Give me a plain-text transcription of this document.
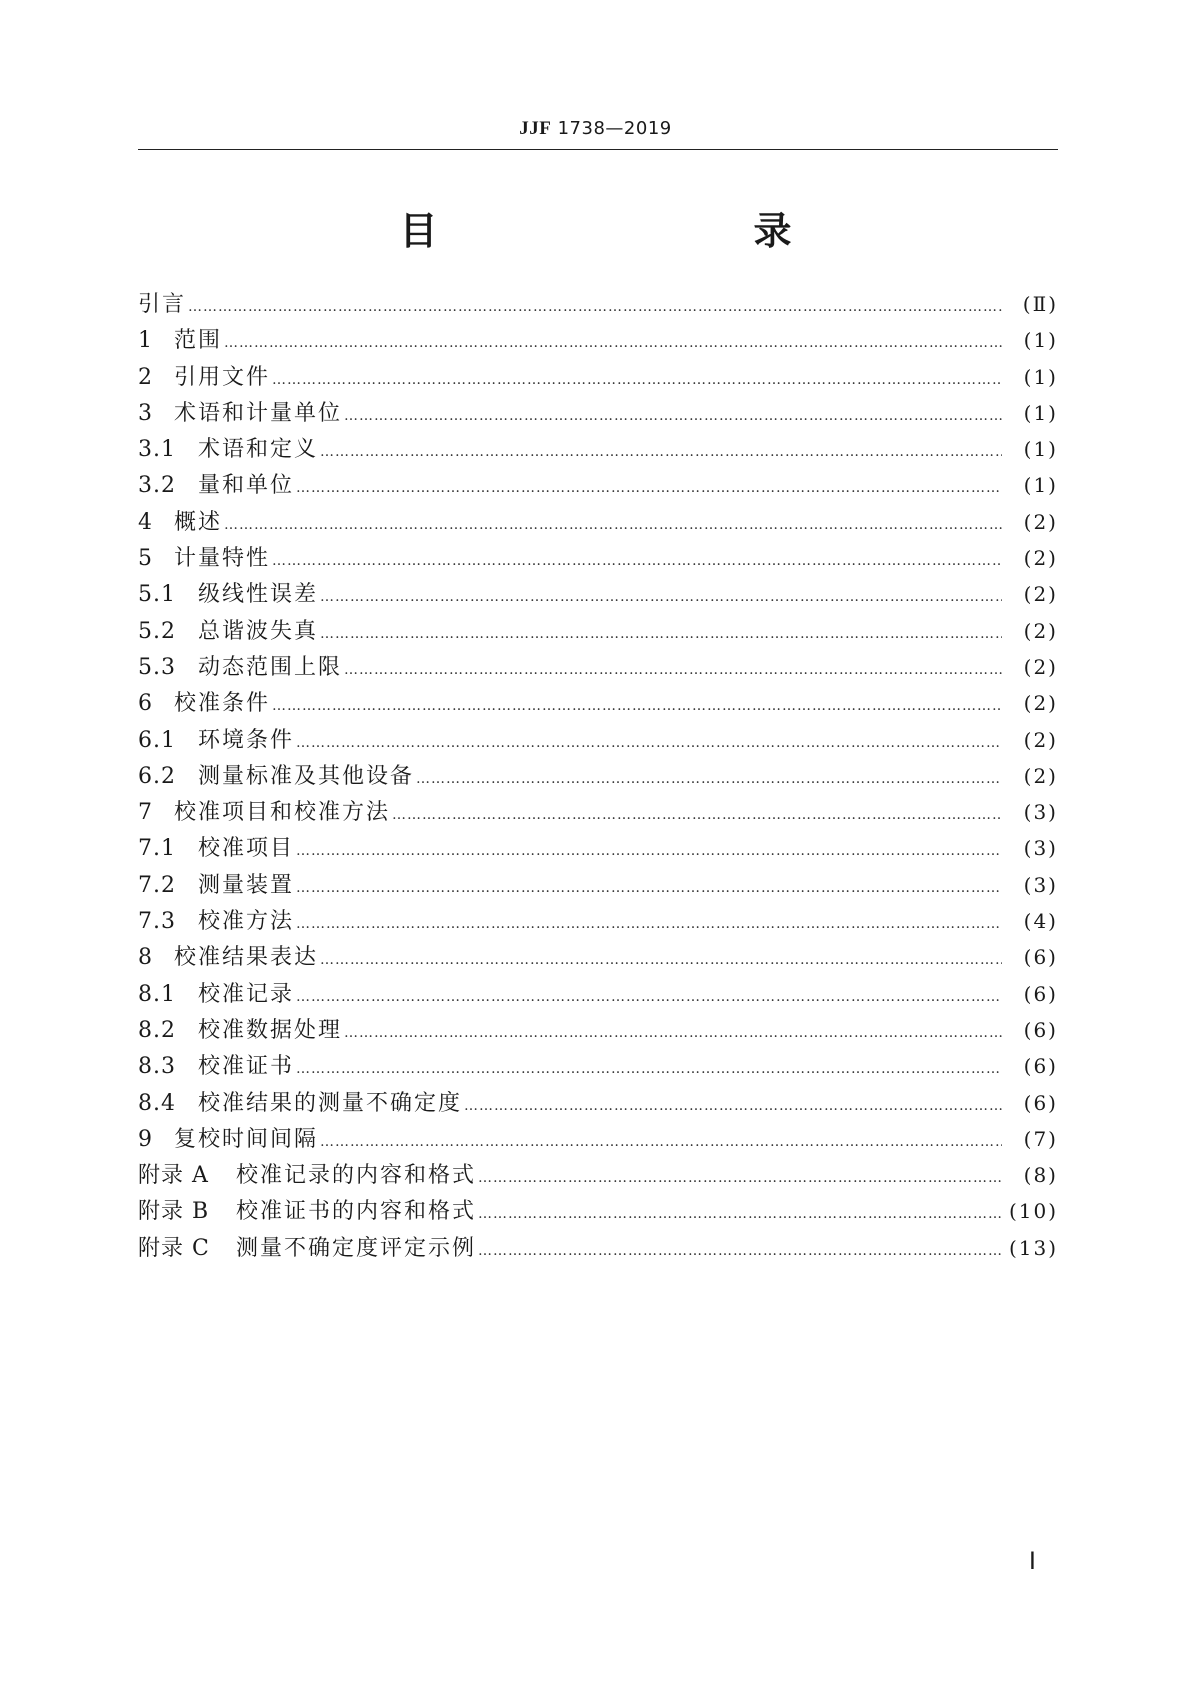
JJF 1738—2019
目　　录
引言 ……………………………………………………………………………………………………………………………………………………………………………………………………………………………	(Ⅱ)
1 范围 ……………………………………………………………………………………………………………………………………………………………………………………………………………………………	(1)
2 引用文件 ……………………………………………………………………………………………………………………………………………………………………………………………………………………………	(1)
3 术语和计量单位 ……………………………………………………………………………………………………………………………………………………………………………………………………………………………	(1)
3.1	术语和定义 ……………………………………………………………………………………………………………………………………………………………………………………………………………………………	(1)
3.2	量和单位 ……………………………………………………………………………………………………………………………………………………………………………………………………………………………	(1)
4 概述 ……………………………………………………………………………………………………………………………………………………………………………………………………………………………	(2)
5 计量特性 ……………………………………………………………………………………………………………………………………………………………………………………………………………………………	(2)
5.1	级线性误差 ……………………………………………………………………………………………………………………………………………………………………………………………………………………………	(2)
5.2	总谐波失真 ……………………………………………………………………………………………………………………………………………………………………………………………………………………………	(2)
5.3	动态范围上限 ……………………………………………………………………………………………………………………………………………………………………………………………………………………………	(2)
6 校准条件 ……………………………………………………………………………………………………………………………………………………………………………………………………………………………	(2)
6.1	环境条件 ……………………………………………………………………………………………………………………………………………………………………………………………………………………………	(2)
6.2	测量标准及其他设备 ……………………………………………………………………………………………………………………………………………………………………………………………………………………………	(2)
7 校准项目和校准方法 ……………………………………………………………………………………………………………………………………………………………………………………………………………………………	(3)
7.1	校准项目 ……………………………………………………………………………………………………………………………………………………………………………………………………………………………	(3)
7.2	测量装置 ……………………………………………………………………………………………………………………………………………………………………………………………………………………………	(3)
7.3	校准方法 ……………………………………………………………………………………………………………………………………………………………………………………………………………………………	(4)
8 校准结果表达 ……………………………………………………………………………………………………………………………………………………………………………………………………………………………	(6)
8.1	校准记录 ……………………………………………………………………………………………………………………………………………………………………………………………………………………………	(6)
8.2	校准数据处理 ……………………………………………………………………………………………………………………………………………………………………………………………………………………………	(6)
8.3	校准证书 ……………………………………………………………………………………………………………………………………………………………………………………………………………………………	(6)
8.4	校准结果的测量不确定度 ……………………………………………………………………………………………………………………………………………………………………………………………………………………………	(6)
9 复校时间间隔 ……………………………………………………………………………………………………………………………………………………………………………………………………………………………	(7)
附录 A	校准记录的内容和格式 ……………………………………………………………………………………………………………………………………………………………………………………………………………………………	(8)
附录 B	校准证书的内容和格式 ……………………………………………………………………………………………………………………………………………………………………………………………………………………………	(10)
附录 C	测量不确定度评定示例 ……………………………………………………………………………………………………………………………………………………………………………………………………………………………	(13)
Ⅰ
